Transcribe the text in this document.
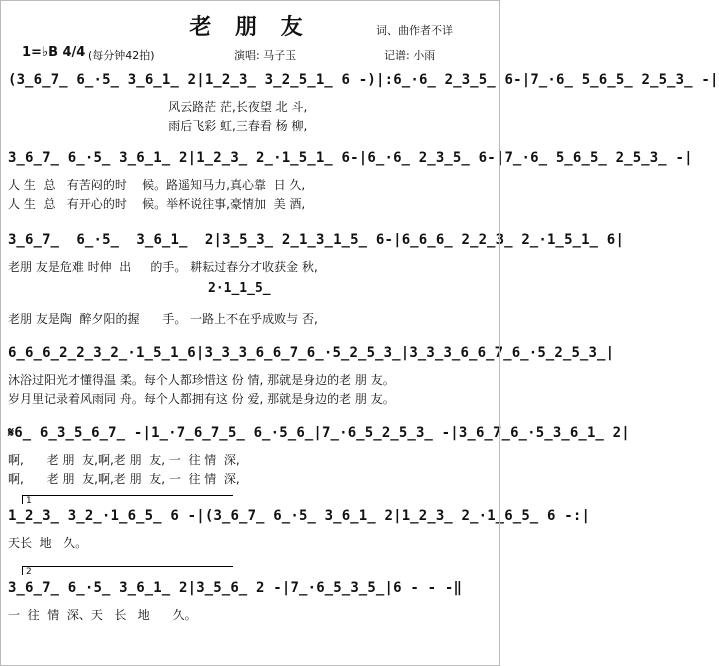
老 朋 友	词、曲作者不详
1=♭B 4/4 (每分钟42拍)	演唱: 马子玉	记谱: 小雨
(3̲6̲7̲ 6̲·5̲ 3̲6̲1̲ 2|1̲2̲3̲ 3̲2̲5̲1̲ 6 -)|:6̲·6̲ 2̲3̲5̲ 6-|7̲·6̲ 5̲6̲5̲ 2̲5̲3̲ -|
风云路茫 茫,长夜望 北 斗,
雨后飞彩 虹,三春看 杨 柳,
3̲6̲7̲ 6̲·5̲ 3̲6̲1̲ 2|1̲2̲3̲ 2̲·1̲5̲1̲ 6-|6̲·6̲ 2̲3̲5̲ 6-|7̲·6̲ 5̲6̲5̲ 2̲5̲3̲ -|
人 生  总   有苦闷的时    候。路遥知马力,真心靠  日 久,
人 生  总   有开心的时    候。举杯说往事,豪情加  美 酒,
3̲6̲7̲  6̲·5̲  3̲6̲1̲  2|3̲5̲3̲ 2̲1̲3̲1̲5̲ 6-|6̲6̲6̲ 2̲2̲3̲ 2̲·1̲5̲1̲ 6|
老朋 友是危难 时伸  出     的手。 耕耘过春分才收获金 秋,
2·1̲1̲5̲
老朋 友是陶  醉夕阳的握      手。 一路上不在乎成败与 否,
6̲6̲6̲2̲2̲3̲2̲·1̲5̲1̲6|3̲3̲3̲6̲6̲7̲6̲·5̲2̲5̲3̲|3̲3̲3̲6̲6̲7̲6̲·5̲2̲5̲3̲|
沐浴过阳光才懂得温 柔。每个人都珍惜这 份 情, 那就是身边的老 朋 友。
岁月里记录着风雨同 舟。每个人都拥有这 份 爱, 那就是身边的老 朋 友。
𝄋6̲ 6̲3̲5̲6̲7̲ -|1̲·7̲6̲7̲5̲ 6̲·5̲6̲|7̲·6̲5̲2̲5̲3̲ -|3̲6̲7̲6̲·5̲3̲6̲1̲ 2|
啊,      老 朋  友,啊,老 朋  友, 一  往 情  深,
啊,      老 朋  友,啊,老 朋  友, 一  往 情  深,
1
1̲2̲3̲ 3̲2̲·1̲6̲5̲ 6 -|(3̲6̲7̲ 6̲·5̲ 3̲6̲1̲ 2|1̲2̲3̲ 2̲·1̲6̲5̲ 6 -:|
天长  地   久。
2
3̲6̲7̲ 6̲·5̲ 3̲6̲1̲ 2|3̲5̲6̲ 2 -|7̲·6̲5̲3̲5̲|6 - - -‖
一  往  情  深、天   长   地      久。
